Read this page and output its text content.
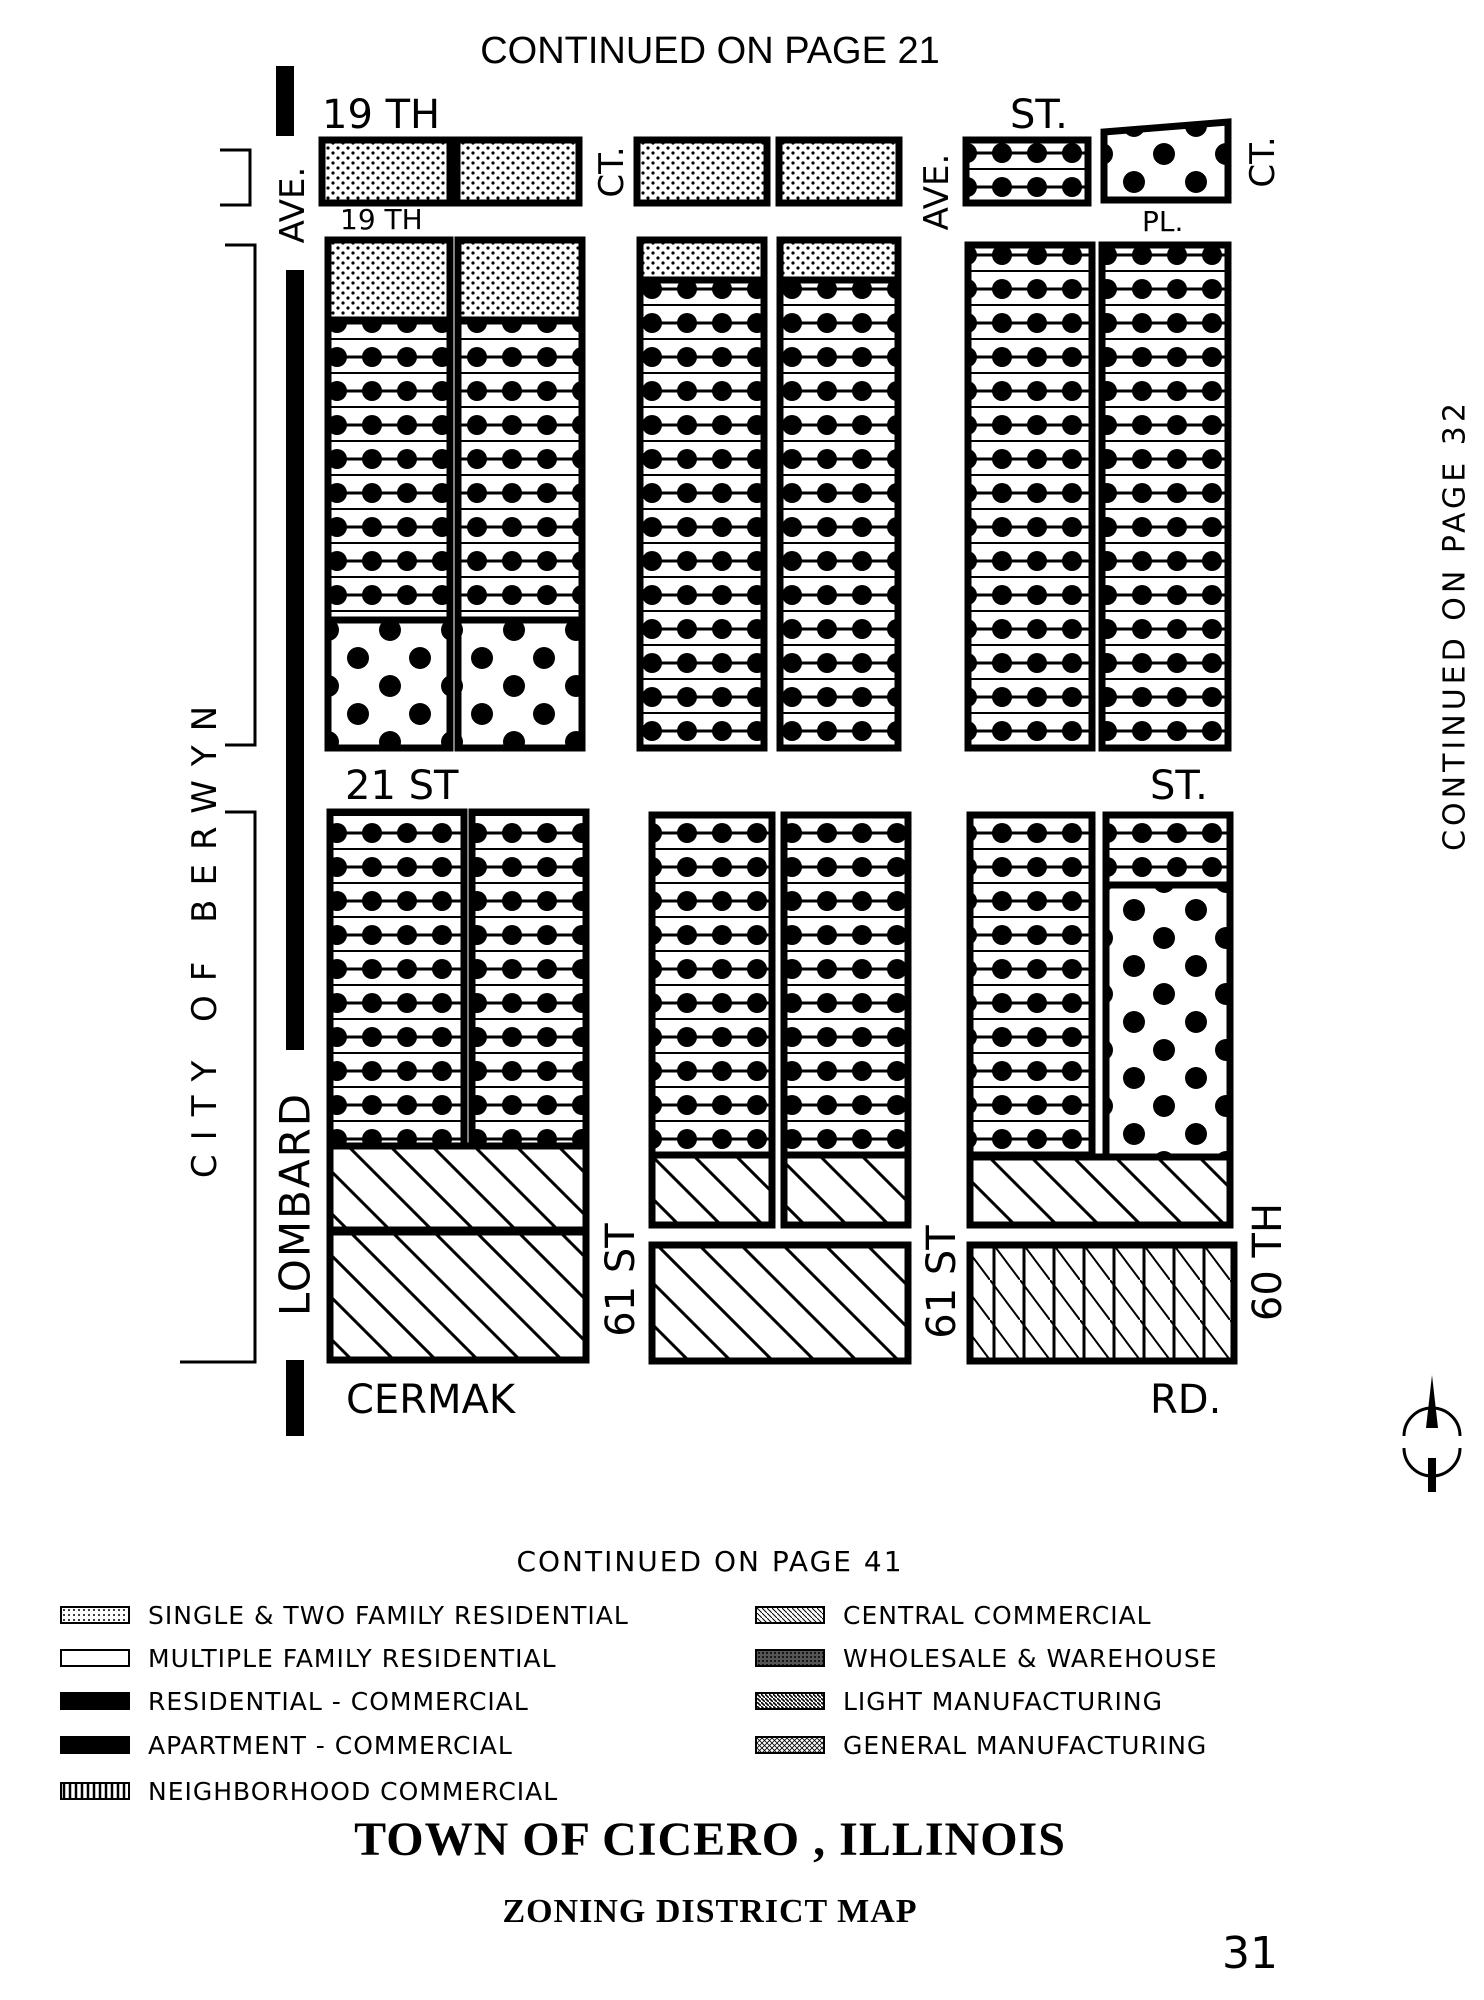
CONTINUED ON PAGE 21
CONTINUED ON PAGE 32
19 TH	ST.
19 TH	PL.
21 ST	ST.
CERMAK	RD.
AVE.	CT.	AVE.	CT.
LOMBARD
CITY OF BERWYN
61 ST	61 ST	60 TH
CONTINUED ON PAGE 41
SINGLE & TWO FAMILY RESIDENTIAL
MULTIPLE FAMILY RESIDENTIAL
RESIDENTIAL - COMMERCIAL
APARTMENT - COMMERCIAL
NEIGHBORHOOD COMMERCIAL
CENTRAL COMMERCIAL
WHOLESALE & WAREHOUSE
LIGHT MANUFACTURING
GENERAL MANUFACTURING
TOWN OF CICERO , ILLINOIS
ZONING DISTRICT MAP
31
